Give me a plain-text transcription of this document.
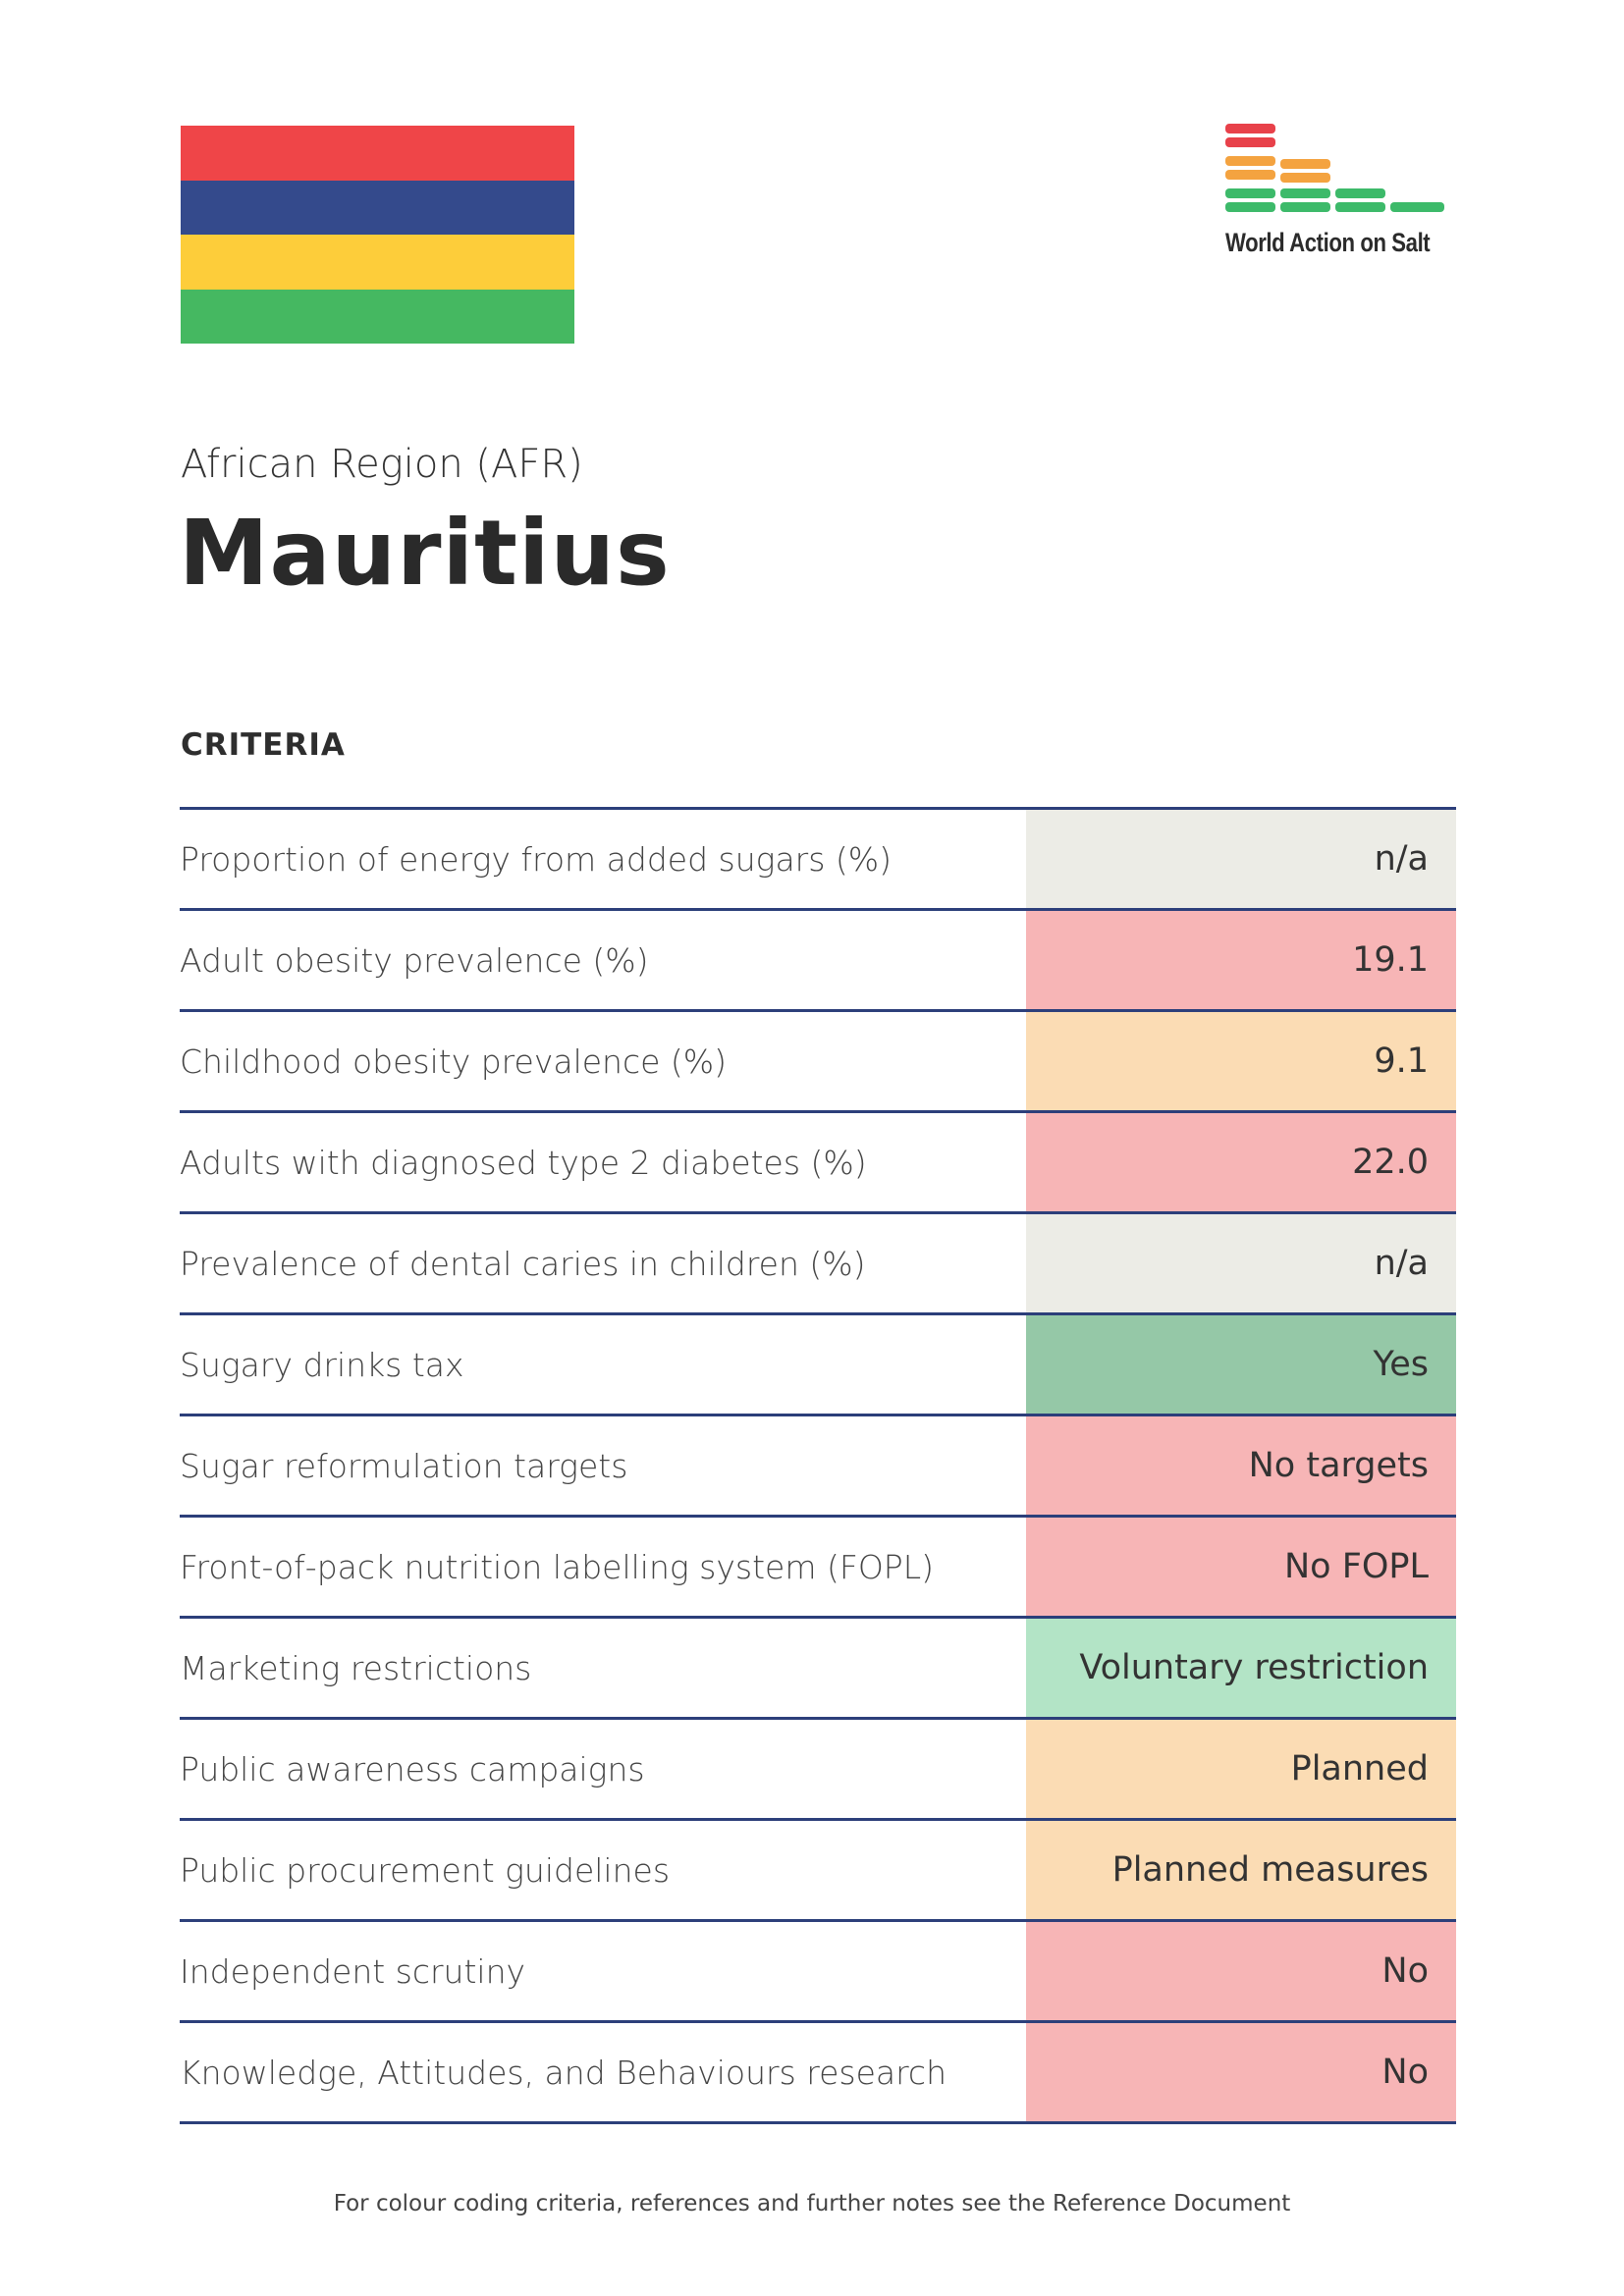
World Action on Salt
African Region (AFR)
Mauritius
CRITERIA
Proportion of energy from added sugars (%)	n/a
Adult obesity prevalence (%)	19.1
Childhood obesity prevalence (%)	9.1
Adults with diagnosed type 2 diabetes (%)	22.0
Prevalence of dental caries in children (%)	n/a
Sugary drinks tax	Yes
Sugar reformulation targets	No targets
Front-of-pack nutrition labelling system (FOPL)	No FOPL
Marketing restrictions	Voluntary restriction
Public awareness campaigns	Planned
Public procurement guidelines	Planned measures
Independent scrutiny	No
Knowledge, Attitudes, and Behaviours research	No
For colour coding criteria, references and further notes see the Reference Document
